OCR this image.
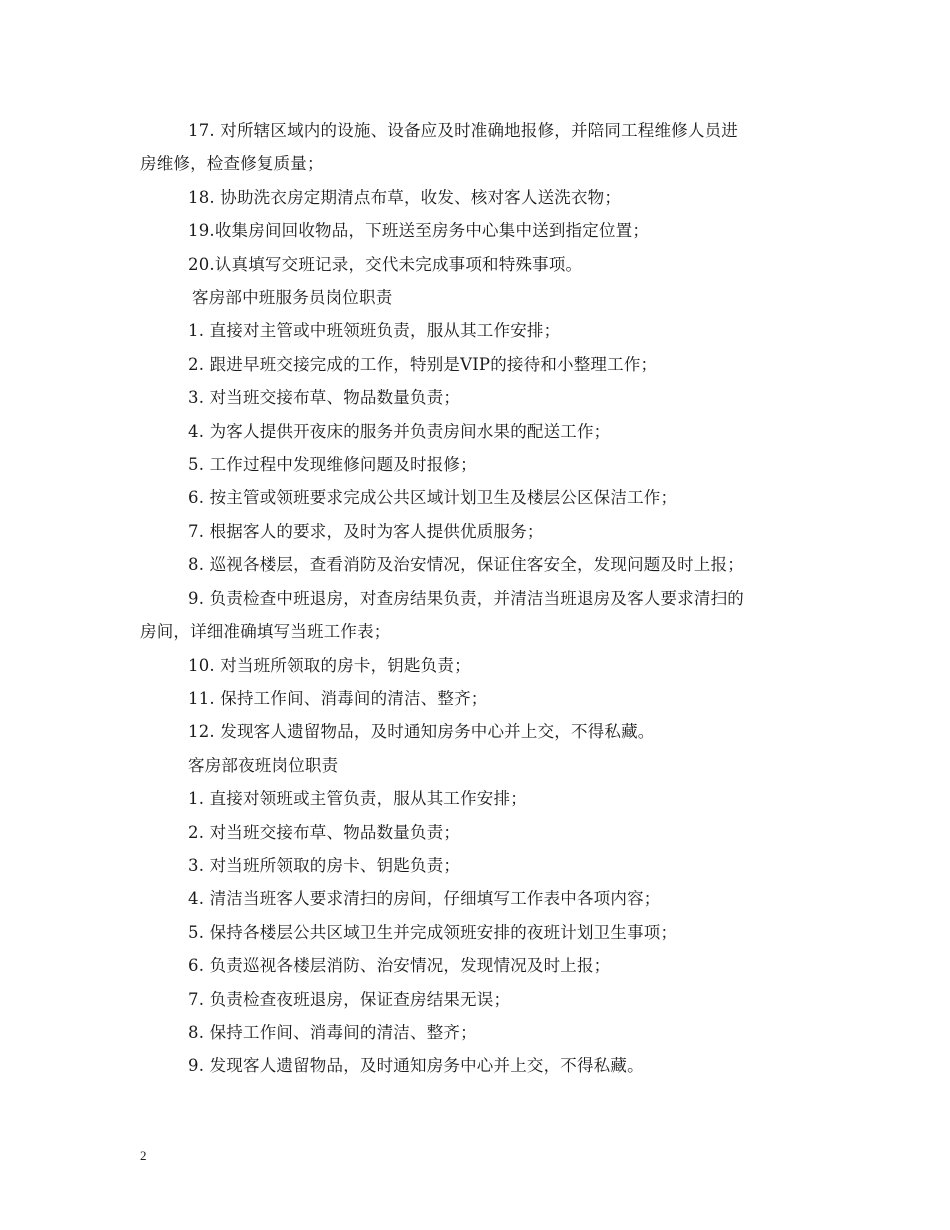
17. 对所辖区域内的设施、设备应及时准确地报修，并陪同工程维修人员进
房维修，检查修复质量；
18. 协助洗衣房定期清点布草，收发、核对客人送洗衣物；
19.收集房间回收物品，下班送至房务中心集中送到指定位置；
20.认真填写交班记录，交代未完成事项和特殊事项。
客房部中班服务员岗位职责
1. 直接对主管或中班领班负责，服从其工作安排；
2. 跟进早班交接完成的工作，特别是VIP的接待和小整理工作；
3. 对当班交接布草、物品数量负责；
4. 为客人提供开夜床的服务并负责房间水果的配送工作；
5. 工作过程中发现维修问题及时报修；
6. 按主管或领班要求完成公共区域计划卫生及楼层公区保洁工作；
7. 根据客人的要求，及时为客人提供优质服务；
8. 巡视各楼层，查看消防及治安情况，保证住客安全，发现问题及时上报；
9. 负责检查中班退房，对查房结果负责，并清洁当班退房及客人要求清扫的
房间，详细准确填写当班工作表；
10. 对当班所领取的房卡，钥匙负责；
11. 保持工作间、消毒间的清洁、整齐；
12. 发现客人遗留物品，及时通知房务中心并上交，不得私藏。
客房部夜班岗位职责
1. 直接对领班或主管负责，服从其工作安排；
2. 对当班交接布草、物品数量负责；
3. 对当班所领取的房卡、钥匙负责；
4. 清洁当班客人要求清扫的房间，仔细填写工作表中各项内容；
5. 保持各楼层公共区域卫生并完成领班安排的夜班计划卫生事项；
6. 负责巡视各楼层消防、治安情况，发现情况及时上报；
7. 负责检查夜班退房，保证查房结果无误；
8. 保持工作间、消毒间的清洁、整齐；
9. 发现客人遗留物品，及时通知房务中心并上交，不得私藏。
2
